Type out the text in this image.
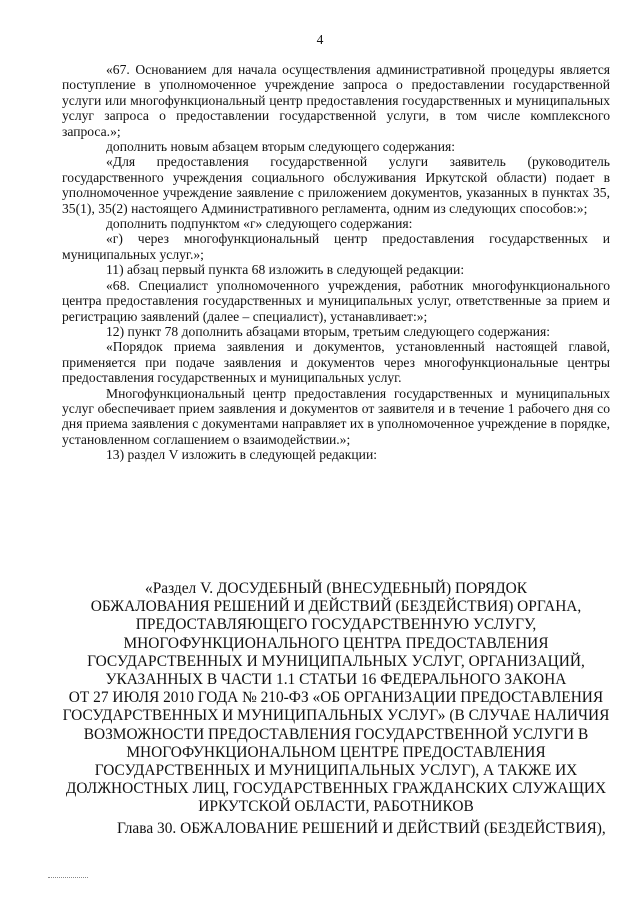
4

«67. Основанием для начала осуществления административной процедуры является поступление в уполномоченное учреждение запроса о предоставлении государственной услуги или многофункциональный центр предоставления государственных и муниципальных услуг запроса о предоставлении государственной услуги, в том числе комплексного запроса.»;

дополнить новым абзацем вторым следующего содержания:

«Для предоставления государственной услуги заявитель (руководитель государственного учреждения социального обслуживания Иркутской области) подает в уполномоченное учреждение заявление с приложением документов, указанных в пунктах 35, 35(1), 35(2) настоящего Административного регламента, одним из следующих способов:»;

дополнить подпунктом «г» следующего содержания:

«г) через многофункциональный центр предоставления государственных и муниципальных услуг.»;

11) абзац первый пункта 68 изложить в следующей редакции:

«68. Специалист уполномоченного учреждения, работник многофункционального центра предоставления государственных и муниципальных услуг, ответственные за прием и регистрацию заявлений (далее – специалист), устанавливает:»;

12) пункт 78 дополнить абзацами вторым, третьим следующего содержания:

«Порядок приема заявления и документов, установленный настоящей главой, применяется при подаче заявления и документов через многофункциональные центры предоставления государственных и муниципальных услуг.

Многофункциональный центр предоставления государственных и муниципальных услуг обеспечивает прием заявления и документов от заявителя и в течение 1 рабочего дня со дня приема заявления с документами направляет их в уполномоченное учреждение в порядке, установленном соглашением о взаимодействии.»;

13) раздел V изложить в следующей редакции:

«Раздел V. ДОСУДЕБНЫЙ (ВНЕСУДЕБНЫЙ) ПОРЯДОК
ОБЖАЛОВАНИЯ РЕШЕНИЙ И ДЕЙСТВИЙ (БЕЗДЕЙСТВИЯ) ОРГАНА,
ПРЕДОСТАВЛЯЮЩЕГО ГОСУДАРСТВЕННУЮ УСЛУГУ,
МНОГОФУНКЦИОНАЛЬНОГО ЦЕНТРА ПРЕДОСТАВЛЕНИЯ
ГОСУДАРСТВЕННЫХ И МУНИЦИПАЛЬНЫХ УСЛУГ, ОРГАНИЗАЦИЙ,
УКАЗАННЫХ В ЧАСТИ 1.1 СТАТЬИ 16 ФЕДЕРАЛЬНОГО ЗАКОНА
ОТ 27 ИЮЛЯ 2010 ГОДА № 210-ФЗ «ОБ ОРГАНИЗАЦИИ ПРЕДОСТАВЛЕНИЯ
ГОСУДАРСТВЕННЫХ И МУНИЦИПАЛЬНЫХ УСЛУГ» (В СЛУЧАЕ НАЛИЧИЯ
ВОЗМОЖНОСТИ ПРЕДОСТАВЛЕНИЯ ГОСУДАРСТВЕННОЙ УСЛУГИ В
МНОГОФУНКЦИОНАЛЬНОМ ЦЕНТРЕ ПРЕДОСТАВЛЕНИЯ
ГОСУДАРСТВЕННЫХ И МУНИЦИПАЛЬНЫХ УСЛУГ), А ТАКЖЕ ИХ
ДОЛЖНОСТНЫХ ЛИЦ, ГОСУДАРСТВЕННЫХ ГРАЖДАНСКИХ СЛУЖАЩИХ
ИРКУТСКОЙ ОБЛАСТИ, РАБОТНИКОВ
Глава 30. ОБЖАЛОВАНИЕ РЕШЕНИЙ И ДЕЙСТВИЙ (БЕЗДЕЙСТВИЯ),
